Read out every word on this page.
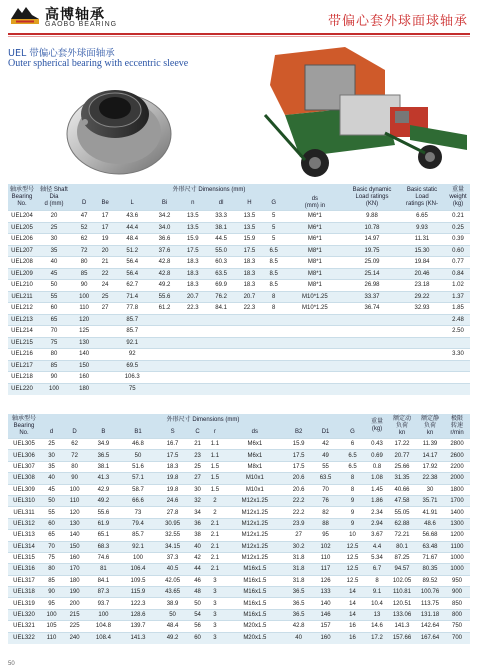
高博轴承
GAOBO BEARING	带偏心套外球面球轴承
UEL 带偏心套外球面轴承
Outer spherical bearing with eccentric sleeve
轴承型号
Bearing
No.	轴径 Shaft
Dia
d (mm)	外形尺寸 Dimensions (mm)									Basic dynamic
Load ratings
(KN)	Basic static
Load
ratings (KN-	重量
weight
(kg)
		D	Be	L	Bi	n	dl	H	G	ds
(mm) in			
UEL204	20	47	17	43.6	34.2	13.5	33.3	13.5	5	M6*1	9.88	6.65	0.21
UEL205	25	52	17	44.4	34.0	13.5	38.1	13.5	5	M6*1	10.78	9.93	0.25
UEL206	30	62	19	48.4	36.6	15.9	44.5	15.9	5	M6*1	14.97	11.31	0.39
UEL207	35	72	20	51.2	37.6	17.5	55.0	17.5	6.5	M8*1	19.75	15.30	0.60
UEL208	40	80	21	56.4	42.8	18.3	60.3	18.3	8.5	M8*1	25.09	19.84	0.77
UEL209	45	85	22	56.4	42.8	18.3	63.5	18.3	8.5	M8*1	25.14	20.46	0.84
UEL210	50	90	24	62.7	49.2	18.3	69.9	18.3	8.5	M8*1	26.98	23.18	1.02
UEL211	55	100	25	71.4	55.6	20.7	76.2	20.7	8	M10*1.25	33.37	29.22	1.37
UEL212	60	110	27	77.8	61.2	22.3	84.1	22.3	8	M10*1.25	36.74	32.93	1.85
UEL213	65	120		85.7									2.48
UEL214	70	125		85.7									2.50
UEL215	75	130		92.1									
UEL216	80	140		92									3.30
UEL217	85	150		69.5									
UEL218	90	160		106.3									
UEL220	100	180		75									
轴承型号
Bearing
No.	外形尺寸 Dimensions (mm)											重量
(kg)	额定动
负荷
kn	额定静
负荷
kn	极限
转速
r/min
	d	D	B	B1	S	C	r	ds	B2	D1	G				
UEL305	25	62	34.9	46.8	16.7	21	1.1	M6x1	15.9	42	6	0.43	17.22	11.39	2800
UEL306	30	72	36.5	50	17.5	23	1.1	M6x1	17.5	49	6.5	0.69	20.77	14.17	2600
UEL307	35	80	38.1	51.6	18.3	25	1.5	M8x1	17.5	55	6.5	0.8	25.66	17.92	2200
UEL308	40	90	41.3	57.1	19.8	27	1.5	M10x1	20.6	63.5	8	1.08	31.35	22.38	2000
UEL309	45	100	42.9	58.7	19.8	30	1.5	M10x1	20.6	70	8	1.45	40.66	30	1800
UEL310	50	110	49.2	66.6	24.6	32	2	M12x1.25	22.2	76	9	1.86	47.58	35.71	1700
UEL311	55	120	55.6	73	27.8	34	2	M12x1.25	22.2	82	9	2.34	55.05	41.91	1400
UEL312	60	130	61.9	79.4	30.95	36	2.1	M12x1.25	23.9	88	9	2.94	62.88	48.6	1300
UEL313	65	140	65.1	85.7	32.55	38	2.1	M12x1.25	27	95	10	3.67	72.21	56.68	1200
UEL314	70	150	68.3	92.1	34.15	40	2.1	M12x1.25	30.2	102	12.5	4.4	80.1	63.48	1100
UEL315	75	160	74.6	100	37.3	42	2.1	M12x1.25	31.8	110	12.5	5.34	87.25	71.67	1000
UEL316	80	170	81	106.4	40.5	44	2.1	M16x1.5	31.8	117	12.5	6.7	94.57	80.35	1000
UEL317	85	180	84.1	109.5	42.05	46	3	M16x1.5	31.8	126	12.5	8	102.05	89.52	950
UEL318	90	190	87.3	115.9	43.65	48	3	M16x1.5	36.5	133	14	9.1	110.81	100.76	900
UEL319	95	200	93.7	122.3	38.9	50	3	M16x1.5	36.5	140	14	10.4	120.51	113.75	850
UEL320	100	215	100	128.6	50	54	3	M16x1.5	36.5	146	14	13	133.06	131.18	800
UEL321	105	225	104.8	139.7	48.4	56	3	M20x1.5	42.8	157	16	14.6	141.3	142.64	750
UEL322	110	240	108.4	141.3	49.2	60	3	M20x1.5	40	160	16	17.2	157.66	167.64	700
50
